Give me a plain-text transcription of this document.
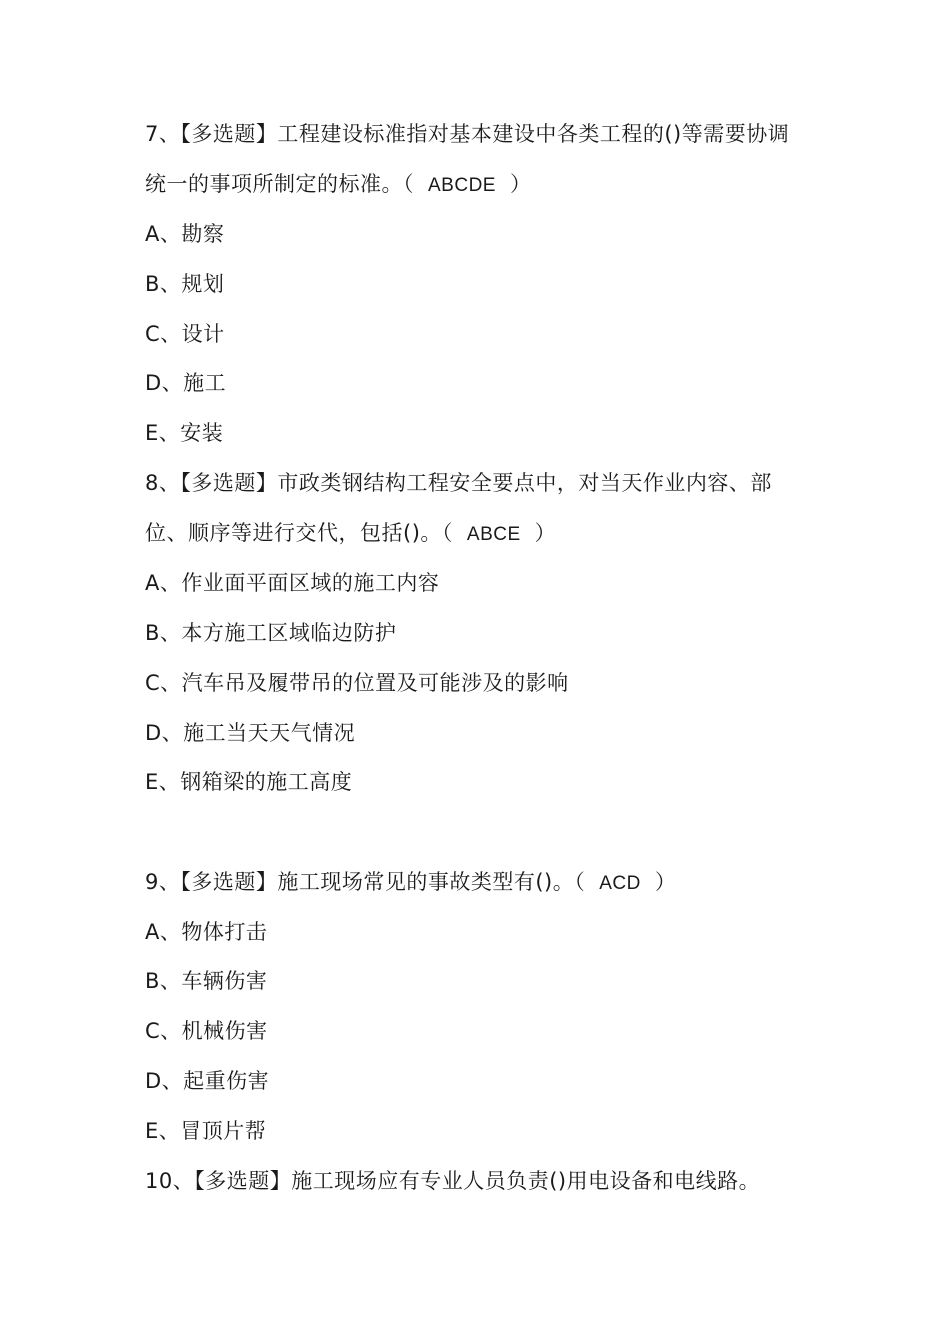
7、【多选题】工程建设标准指对基本建设中各类工程的()等需要协调
统一的事项所制定的标准。（ ABCDE ）
A、勘察
B、规划
C、设计
D、施工
E、安装
8、【多选题】市政类钢结构工程安全要点中，对当天作业内容、部
位、顺序等进行交代，包括()。（ ABCE ）
A、作业面平面区域的施工内容
B、本方施工区域临边防护
C、汽车吊及履带吊的位置及可能涉及的影响
D、施工当天天气情况
E、钢箱梁的施工高度
9、【多选题】施工现场常见的事故类型有()。（ ACD ）
A、物体打击
B、车辆伤害
C、机械伤害
D、起重伤害
E、冒顶片帮
10、【多选题】施工现场应有专业人员负责()用电设备和电线路。
